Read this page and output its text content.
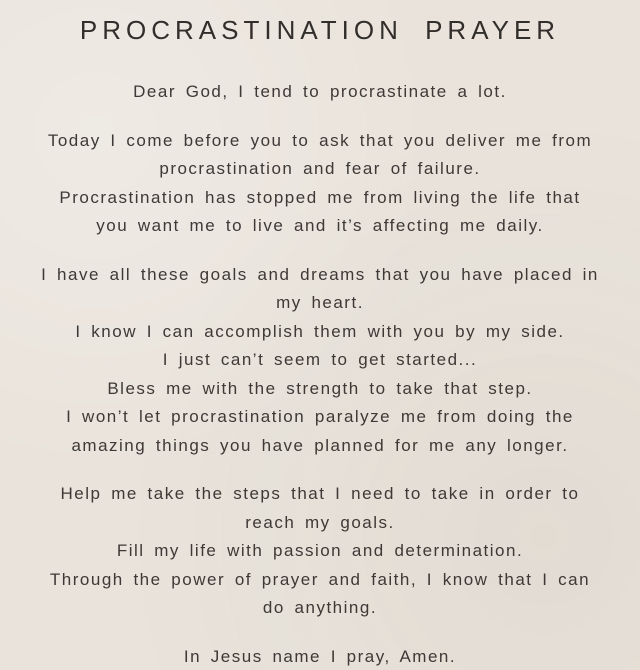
PROCRASTINATION PRAYER

Dear God, I tend to procrastinate a lot.

Today I come before you to ask that you deliver me from

procrastination and fear of failure.

Procrastination has stopped me from living the life that

you want me to live and it’s affecting me daily.

I have all these goals and dreams that you have placed in

my heart.

I know I can accomplish them with you by my side.

I just can’t seem to get started...

Bless me with the strength to take that step.

I won’t let procrastination paralyze me from doing the

amazing things you have planned for me any longer.

Help me take the steps that I need to take in order to

reach my goals.

Fill my life with passion and determination.

Through the power of prayer and faith, I know that I can

do anything.

In Jesus name I pray, Amen.
